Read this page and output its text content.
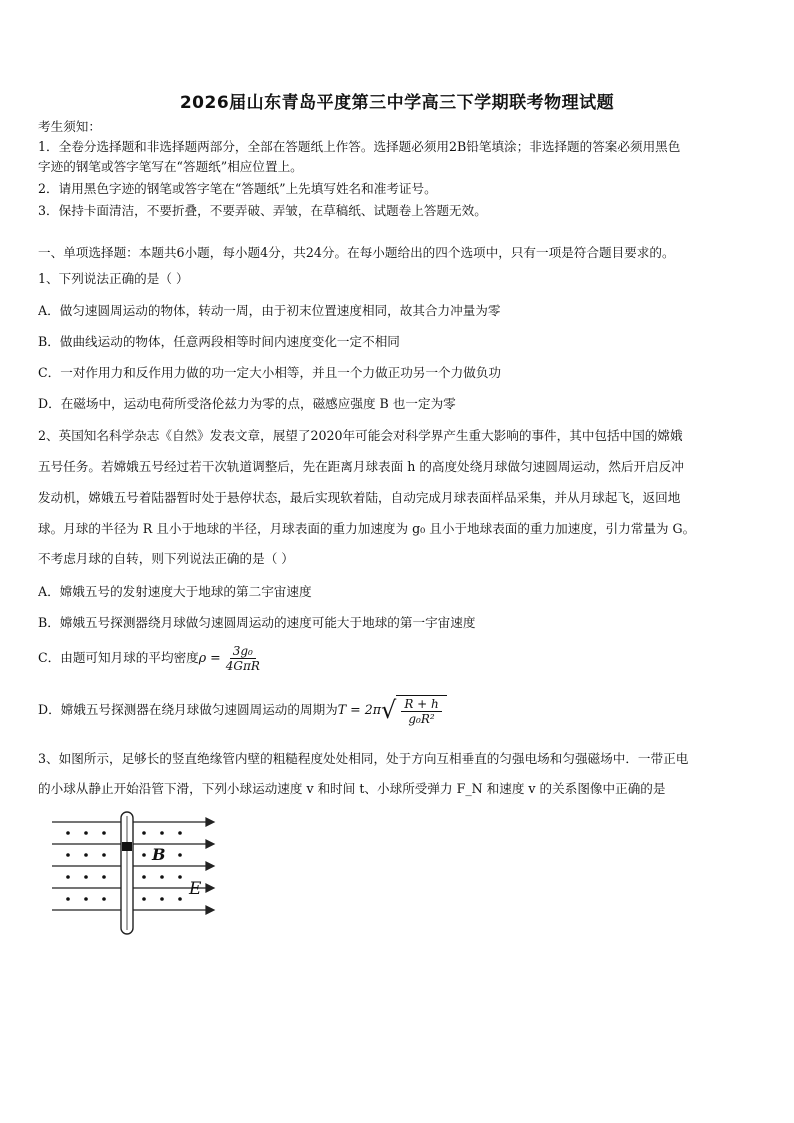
2026届山东青岛平度第三中学高三下学期联考物理试题
考生须知：
1．全卷分选择题和非选择题两部分，全部在答题纸上作答。选择题必须用2B铅笔填涂；非选择题的答案必须用黑色
字迹的钢笔或答字笔写在“答题纸”相应位置上。
2．请用黑色字迹的钢笔或答字笔在“答题纸”上先填写姓名和准考证号。
3．保持卡面清洁，不要折叠，不要弄破、弄皱，在草稿纸、试题卷上答题无效。
一、单项选择题：本题共6小题，每小题4分，共24分。在每小题给出的四个选项中，只有一项是符合题目要求的。
1、下列说法正确的是（ ）
A．做匀速圆周运动的物体，转动一周，由于初末位置速度相同，故其合力冲量为零
B．做曲线运动的物体，任意两段相等时间内速度变化一定不相同
C．一对作用力和反作用力做的功一定大小相等，并且一个力做正功另一个力做负功
D．在磁场中，运动电荷所受洛伦兹力为零的点，磁感应强度 B 也一定为零
2、英国知名科学杂志《自然》发表文章，展望了2020年可能会对科学界产生重大影响的事件，其中包括中国的嫦娥
五号任务。若嫦娥五号经过若干次轨道调整后，先在距离月球表面 h 的高度处绕月球做匀速圆周运动，然后开启反冲
发动机，嫦娥五号着陆器暂时处于悬停状态，最后实现软着陆，自动完成月球表面样品采集，并从月球起飞，返回地
球。月球的半径为 R 且小于地球的半径，月球表面的重力加速度为 g₀ 且小于地球表面的重力加速度，引力常量为 G。
不考虑月球的自转，则下列说法正确的是（ ）
A．嫦娥五号的发射速度大于地球的第二宇宙速度
B．嫦娥五号探测器绕月球做匀速圆周运动的速度可能大于地球的第一宇宙速度
C．由题可知月球的平均密度 $\rho = \frac{\text{3g₀}}{\text{4GπR}}$
D．嫦娥五号探测器在绕月球做匀速圆周运动的周期为 T = 2π √ $\frac{R + h}{\text{g₀R²}}$
3、如图所示，足够长的竖直绝缘管内壁的粗糙程度处处相同，处于方向互相垂直的匀强电场和匀强磁场中．一带正电
的小球从静止开始沿管下滑，下列小球运动速度 v 和时间 t、小球所受弹力 F_N 和速度 v 的关系图像中正确的是
B
E
